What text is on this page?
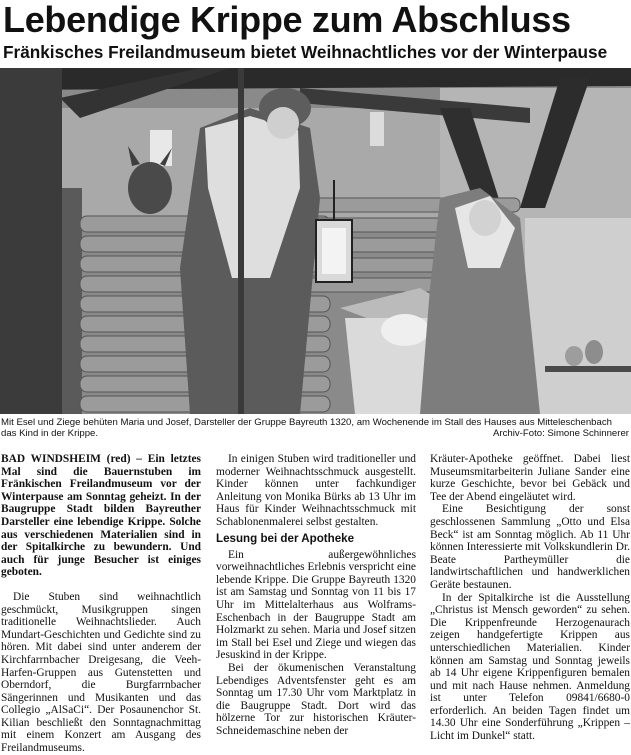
Lebendige Krippe zum Abschluss
Fränkisches Freilandmuseum bietet Weihnachtliches vor der Winterpause
Mit Esel und Ziege behüten Maria und Josef, Darsteller der Gruppe Bayreuth 1320, am Wochenende im Stall des Hauses aus Mitteleschenbach das Kind in der Krippe.	Archiv-Foto: Simone Schinnerer

BAD WINDSHEIM (red) – Ein letztes Mal sind die Bauernstuben im Fränkischen Freilandmuseum vor der Winterpause am Sonntag geheizt. In der Baugruppe Stadt bilden Bayreuther Darsteller eine lebendige Krippe. Solche aus verschiedenen Materialien sind in der Spitalkirche zu bewundern. Und auch für junge Besucher ist einiges geboten.

Die Stuben sind weihnachtlich geschmückt, Musikgruppen singen traditionelle Weihnachtslieder. Auch Mundart-Geschichten und Gedichte sind zu hören. Mit dabei sind unter anderem der Kirchfarrnbacher Dreigesang, die Veeh-Harfen-Gruppen aus Gutenstetten und Oberndorf, die Burgfarrnbacher Sängerinnen und Musikanten und das Collegio „AlSaCi“. Der Posaunenchor St. Kilian beschließt den Sonntagnachmittag mit einem Konzert am Ausgang des Freilandmuseums.

In einigen Stuben wird traditioneller und moderner Weihnachtsschmuck ausgestellt. Kinder können unter fachkundiger Anleitung von Monika Bürks ab 13 Uhr im Haus für Kinder Weihnachtsschmuck mit Schablonenmalerei selbst gestalten.

Lesung bei der Apotheke

Ein außergewöhnliches vorweihnachtliches Erlebnis verspricht eine lebende Krippe. Die Gruppe Bayreuth 1320 ist am Samstag und Sonntag von 11 bis 17 Uhr im Mittelalterhaus aus Wolframs-Eschenbach in der Baugruppe Stadt am Holzmarkt zu sehen. Maria und Josef sitzen im Stall bei Esel und Ziege und wiegen das Jesuskind in der Krippe.

Bei der ökumenischen Veranstaltung Lebendiges Adventsfenster geht es am Sonntag um 17.30 Uhr vom Marktplatz in die Baugruppe Stadt. Dort wird das hölzerne Tor zur historischen Kräuter-Schneidemaschine neben der

Kräuter-Apotheke geöffnet. Dabei liest Museumsmitarbeiterin Juliane Sander eine kurze Geschichte, bevor bei Gebäck und Tee der Abend eingeläutet wird.

Eine Besichtigung der sonst geschlossenen Sammlung „Otto und Elsa Beck“ ist am Sonntag möglich. Ab 11 Uhr können Interessierte mit Volkskundlerin Dr. Beate Partheymüller die landwirtschaftlichen und handwerklichen Geräte bestaunen.

In der Spitalkirche ist die Ausstellung „Christus ist Mensch geworden“ zu sehen. Die Krippenfreunde Herzogenaurach zeigen handgefertigte Krippen aus unterschiedlichen Materialien. Kinder können am Samstag und Sonntag jeweils ab 14 Uhr eigene Krippenfiguren bemalen und mit nach Hause nehmen. Anmeldung ist unter Telefon 09841/6680-0 erforderlich. An beiden Tagen findet um 14.30 Uhr eine Sonderführung „Krippen – Licht im Dunkel“ statt.
